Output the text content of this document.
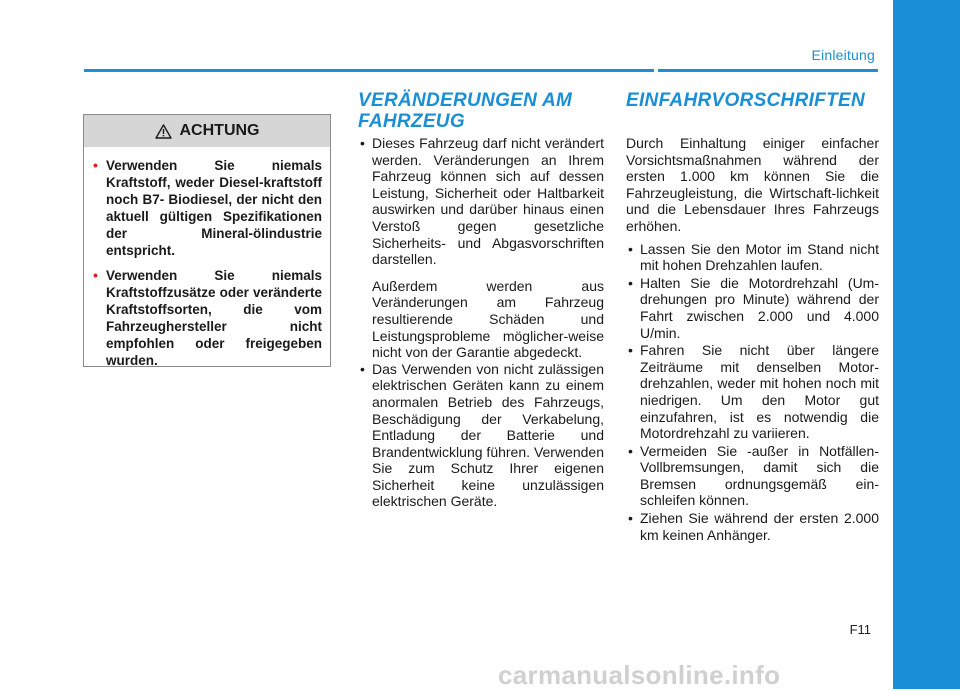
Einleitung
ACHTUNG
• Verwenden Sie niemals Kraftstoff, weder Diesel-kraftstoff noch B7- Biodiesel, der nicht den aktuell gültigen Spezifikationen der Mineral-ölindustrie entspricht.
• Verwenden Sie niemals Kraftstoffzusätze oder veränderte Kraftstoffsorten, die vom Fahrzeughersteller nicht empfohlen oder freigegeben wurden.
VERÄNDERUNGEN AM FAHRZEUG
• Dieses Fahrzeug darf nicht verändert werden. Veränderungen an Ihrem Fahrzeug können sich auf dessen Leistung, Sicherheit oder Haltbarkeit auswirken und darüber hinaus einen Verstoß gegen gesetzliche Sicherheits- und Abgasvorschriften darstellen.

Außerdem werden aus Veränderungen am Fahrzeug resultierende Schäden und Leistungsprobleme möglicher-weise nicht von der Garantie abgedeckt.

• Das Verwenden von nicht zulässigen elektrischen Geräten kann zu einem anormalen Betrieb des Fahrzeugs, Beschädigung der Verkabelung, Entladung der Batterie und Brandentwicklung führen. Verwenden Sie zum Schutz Ihrer eigenen Sicherheit keine unzulässigen elektrischen Geräte.
EINFAHRVORSCHRIFTEN

Durch Einhaltung einiger einfacher Vorsichtsmaßnahmen während der ersten 1.000 km können Sie die Fahrzeugleistung, die Wirtschaft-lichkeit und die Lebensdauer Ihres Fahrzeugs erhöhen.

• Lassen Sie den Motor im Stand nicht mit hohen Drehzahlen laufen.
• Halten Sie die Motordrehzahl (Um-drehungen pro Minute) während der Fahrt zwischen 2.000 und 4.000 U/min.
• Fahren Sie nicht über längere Zeiträume mit denselben Motor-drehzahlen, weder mit hohen noch mit niedrigen. Um den Motor gut einzufahren, ist es notwendig die Motordrehzahl zu variieren.
• Vermeiden Sie -außer in Notfällen- Vollbremsungen, damit sich die Bremsen ordnungsgemäß ein-schleifen können.
• Ziehen Sie während der ersten 2.000 km keinen Anhänger.
F11
carmanualsonline.info
